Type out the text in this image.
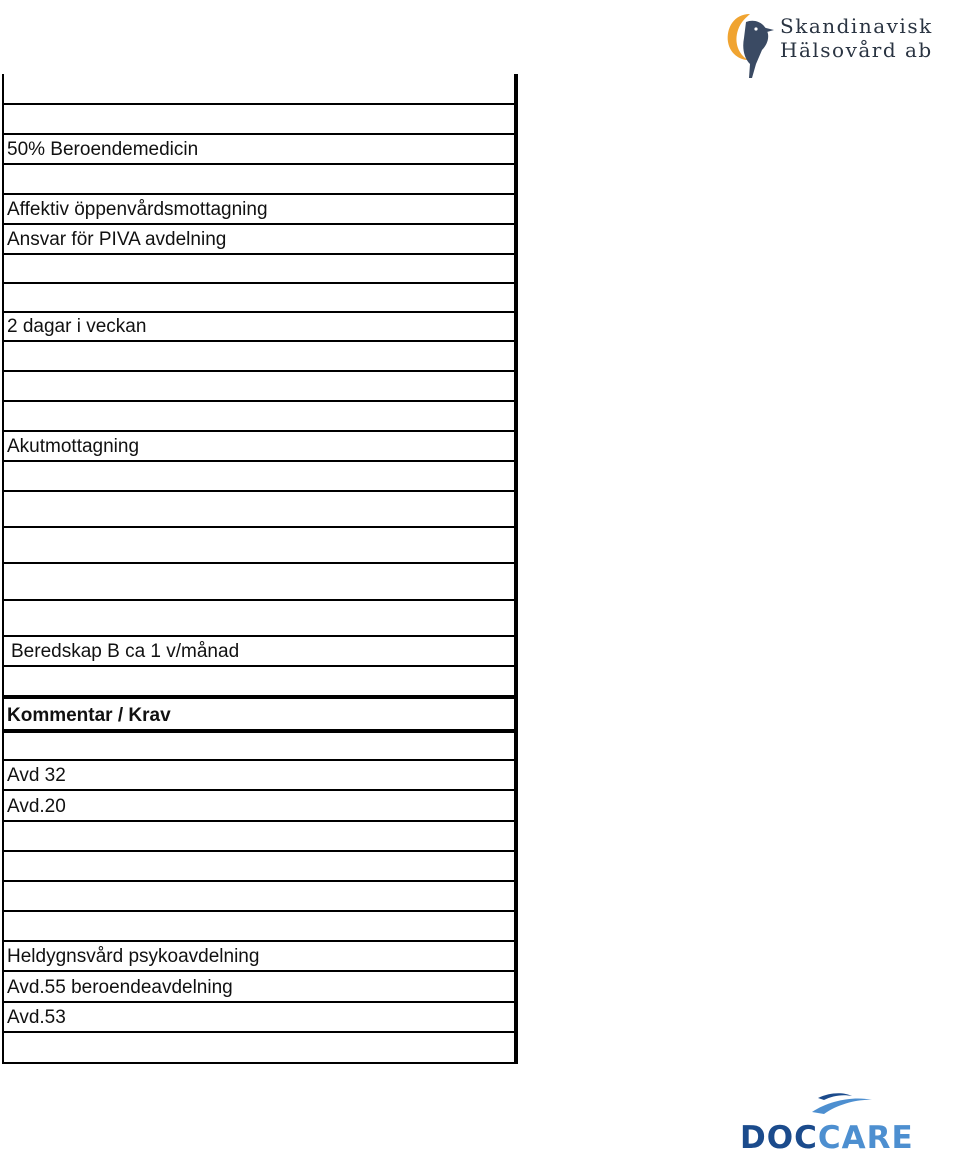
Skandinavisk
Hälsovård ab
50% Beroendemedicin
Affektiv öppenvårdsmottagning
Ansvar för PIVA avdelning
2 dagar i veckan
Akutmottagning
Beredskap B ca 1 v/månad
Kommentar / Krav
Avd 32
Avd.20
Heldygnsvård psykoavdelning
Avd.55 beroendeavdelning
Avd.53
DOCCARE
